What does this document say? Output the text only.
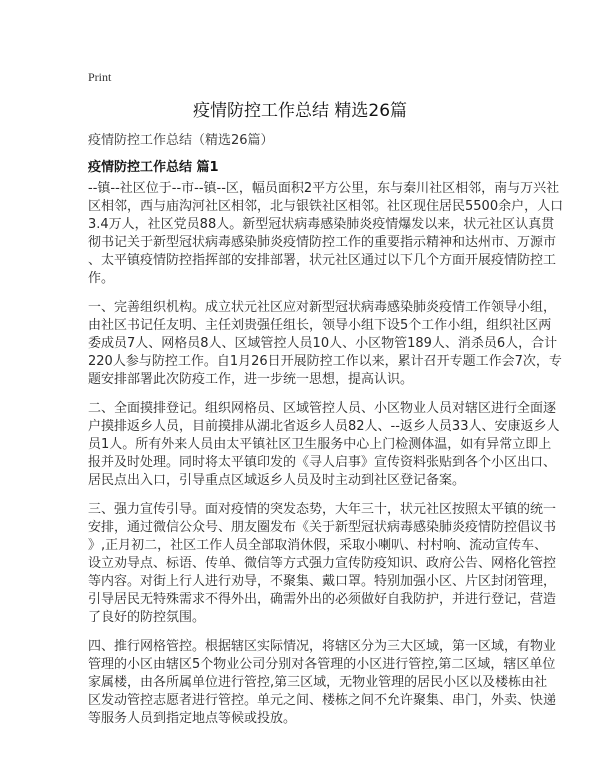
Print
疫情防控工作总结 精选26篇
疫情防控工作总结（精选26篇）
疫情防控工作总结 篇1
--镇--社区位于--市--镇--区，幅员面积2平方公里，东与秦川社区相邻，南与万兴社
区相邻，西与庙沟河社区相邻，北与银铁社区相邻。社区现住居民5500余户，人口
3.4万人，社区党员88人。新型冠状病毒感染肺炎疫情爆发以来，状元社区认真贯
彻书记关于新型冠状病毒感染肺炎疫情防控工作的重要指示精神和达州市、万源市
、太平镇疫情防控指挥部的安排部署，状元社区通过以下几个方面开展疫情防控工
作。
一、完善组织机构。成立状元社区应对新型冠状病毒感染肺炎疫情工作领导小组，
由社区书记任友明、主任刘贵强任组长，领导小组下设5个工作小组，组织社区两
委成员7人、网格员8人、区域管控人员10人、小区物管189人、消杀员6人，合计
220人参与防控工作。自1月26日开展防控工作以来，累计召开专题工作会7次，专
题安排部署此次防疫工作，进一步统一思想，提高认识。
二、全面摸排登记。组织网格员、区域管控人员、小区物业人员对辖区进行全面逐
户摸排返乡人员，目前摸排从湖北省返乡人员82人、--返乡人员33人、安康返乡人
员1人。所有外来人员由太平镇社区卫生服务中心上门检测体温，如有异常立即上
报并及时处理。同时将太平镇印发的《寻人启事》宣传资料张贴到各个小区出口、
居民点出入口，引导重点区域返乡人员及时主动到社区登记备案。
三、强力宣传引导。面对疫情的突发态势，大年三十，状元社区按照太平镇的统一
安排，通过微信公众号、朋友圈发布《关于新型冠状病毒感染肺炎疫情防控倡议书
》,正月初二，社区工作人员全部取消休假，采取小喇叭、村村响、流动宣传车、
设立劝导点、标语、传单、微信等方式强力宣传防疫知识、政府公告、网格化管控
等内容。对街上行人进行劝导，不聚集、戴口罩。特别加强小区、片区封闭管理，
引导居民无特殊需求不得外出，确需外出的必须做好自我防护，并进行登记，营造
了良好的防控氛围。
四、推行网格管控。根据辖区实际情况，将辖区分为三大区域，第一区域，有物业
管理的小区由辖区5个物业公司分别对各管理的小区进行管控,第二区域，辖区单位
家属楼，由各所属单位进行管控,第三区域，无物业管理的居民小区以及楼栋由社
区发动管控志愿者进行管控。单元之间、楼栋之间不允许聚集、串门，外卖、快递
等服务人员到指定地点等候或投放。
